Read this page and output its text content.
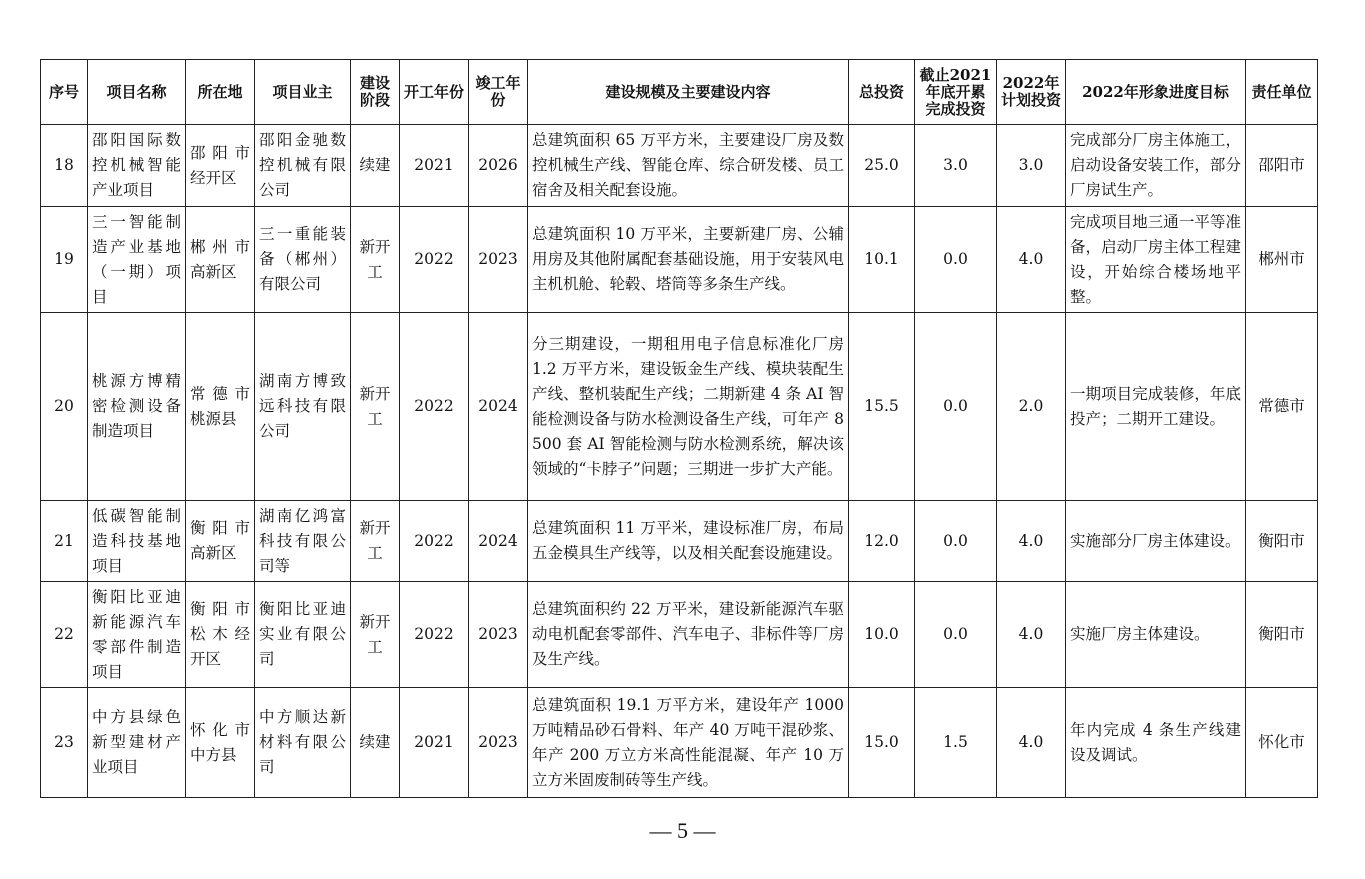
序号	项目名称	所在地	项目业主	建设阶段	开工年份	竣工年份	建设规模及主要建设内容	总投资	截止2021年底开累完成投资	2022年计划投资	2022年形象进度目标	责任单位
18	邵阳国际数控机械智能产业项目	邵阳市经开区	邵阳金驰数控机械有限公司	续建	2021	2026	总建筑面积 65 万平方米，主要建设厂房及数控机械生产线、智能仓库、综合研发楼、员工宿舍及相关配套设施。	25.0	3.0	3.0	完成部分厂房主体施工，启动设备安装工作，部分厂房试生产。	邵阳市
19	三一智能制造产业基地（一期）项目	郴州市高新区	三一重能装备（郴州）有限公司	新开工	2022	2023	总建筑面积 10 万平米，主要新建厂房、公辅用房及其他附属配套基础设施，用于安装风电主机机舱、轮毂、塔筒等多条生产线。	10.1	0.0	4.0	完成项目地三通一平等准备，启动厂房主体工程建设，开始综合楼场地平整。	郴州市
20	桃源方博精密检测设备制造项目	常德市桃源县	湖南方博致远科技有限公司	新开工	2022	2024	分三期建设，一期租用电子信息标准化厂房 1.2 万平方米，建设钣金生产线、模块装配生产线、整机装配生产线；二期新建 4 条 AI 智能检测设备与防水检测设备生产线，可年产 8500 套 AI 智能检测与防水检测系统，解决该领域的“卡脖子”问题；三期进一步扩大产能。	15.5	0.0	2.0	一期项目完成装修，年底投产；二期开工建设。	常德市
21	低碳智能制造科技基地项目	衡阳市高新区	湖南亿鸿富科技有限公司等	新开工	2022	2024	总建筑面积 11 万平米，建设标准厂房，布局五金模具生产线等，以及相关配套设施建设。	12.0	0.0	4.0	实施部分厂房主体建设。	衡阳市
22	衡阳比亚迪新能源汽车零部件制造项目	衡阳市松木经开区	衡阳比亚迪实业有限公司	新开工	2022	2023	总建筑面积约 22 万平米，建设新能源汽车驱动电机配套零部件、汽车电子、非标件等厂房及生产线。	10.0	0.0	4.0	实施厂房主体建设。	衡阳市
23	中方县绿色新型建材产业项目	怀化市中方县	中方顺达新材料有限公司	续建	2021	2023	总建筑面积 19.1 万平方米，建设年产 1000 万吨精品砂石骨料、年产 40 万吨干混砂浆、年产 200 万立方米高性能混凝、年产 10 万立方米固废制砖等生产线。	15.0	1.5	4.0	年内完成 4 条生产线建设及调试。	怀化市
— 5 —
